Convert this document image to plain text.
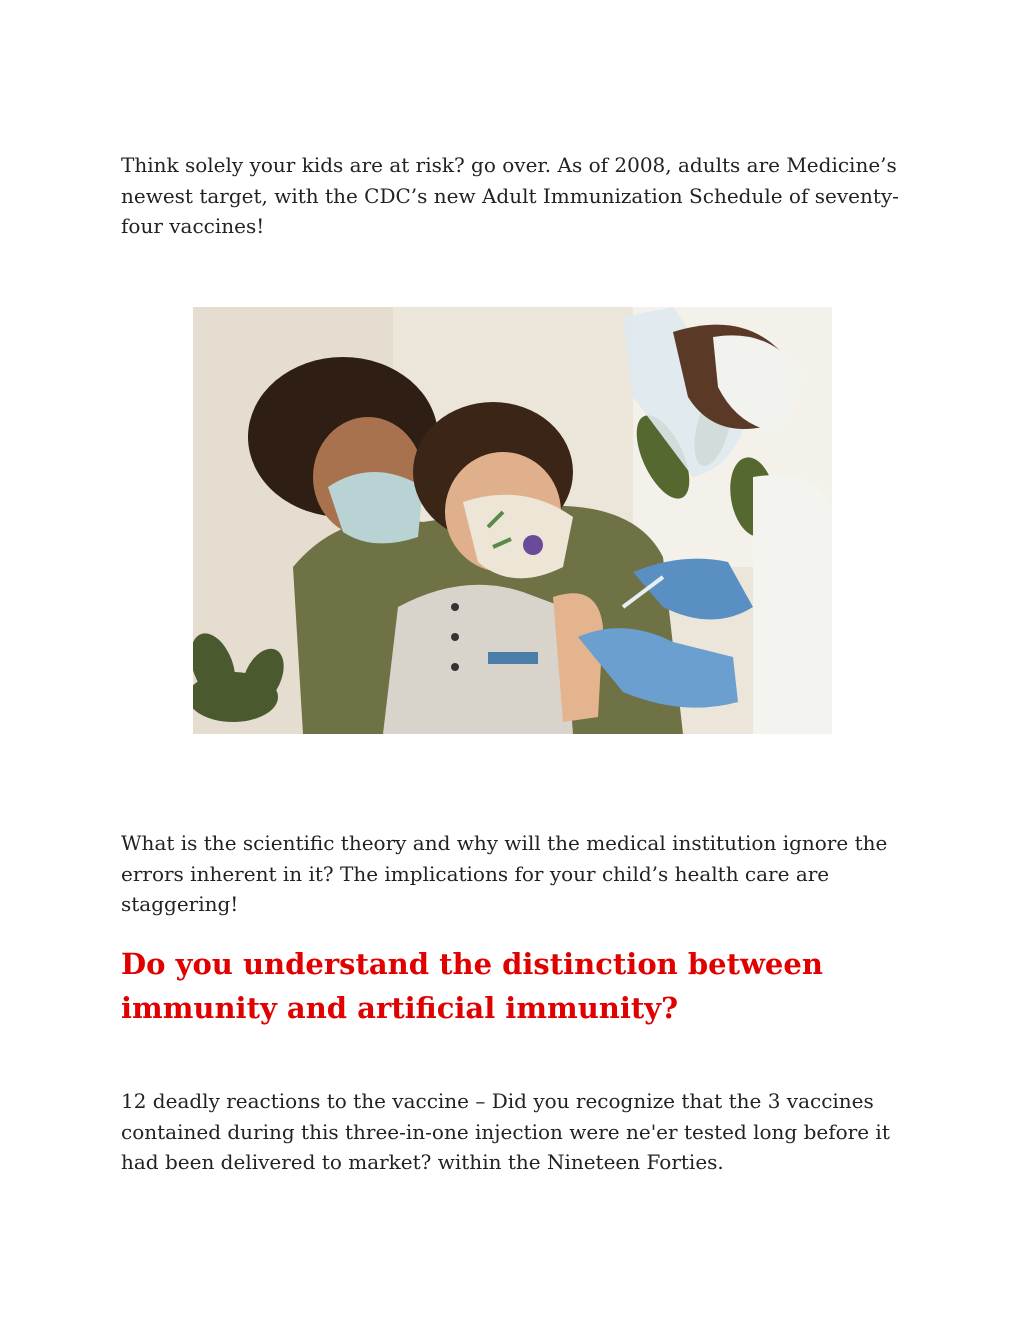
Think solely your kids are at risk? go over. As of 2008, adults are Medicine’s newest target, with the CDC’s new Adult Immunization Schedule of seventy-four vaccines!

What is the scientific theory and why will the medical institution ignore the errors inherent in it? The implications for your child’s health care are staggering!

Do you understand the distinction between immunity and artificial immunity?

12 deadly reactions to the vaccine – Did you recognize that the 3 vaccines contained during this three-in-one injection were ne'er tested long before it had been delivered to market? within the Nineteen Forties.
